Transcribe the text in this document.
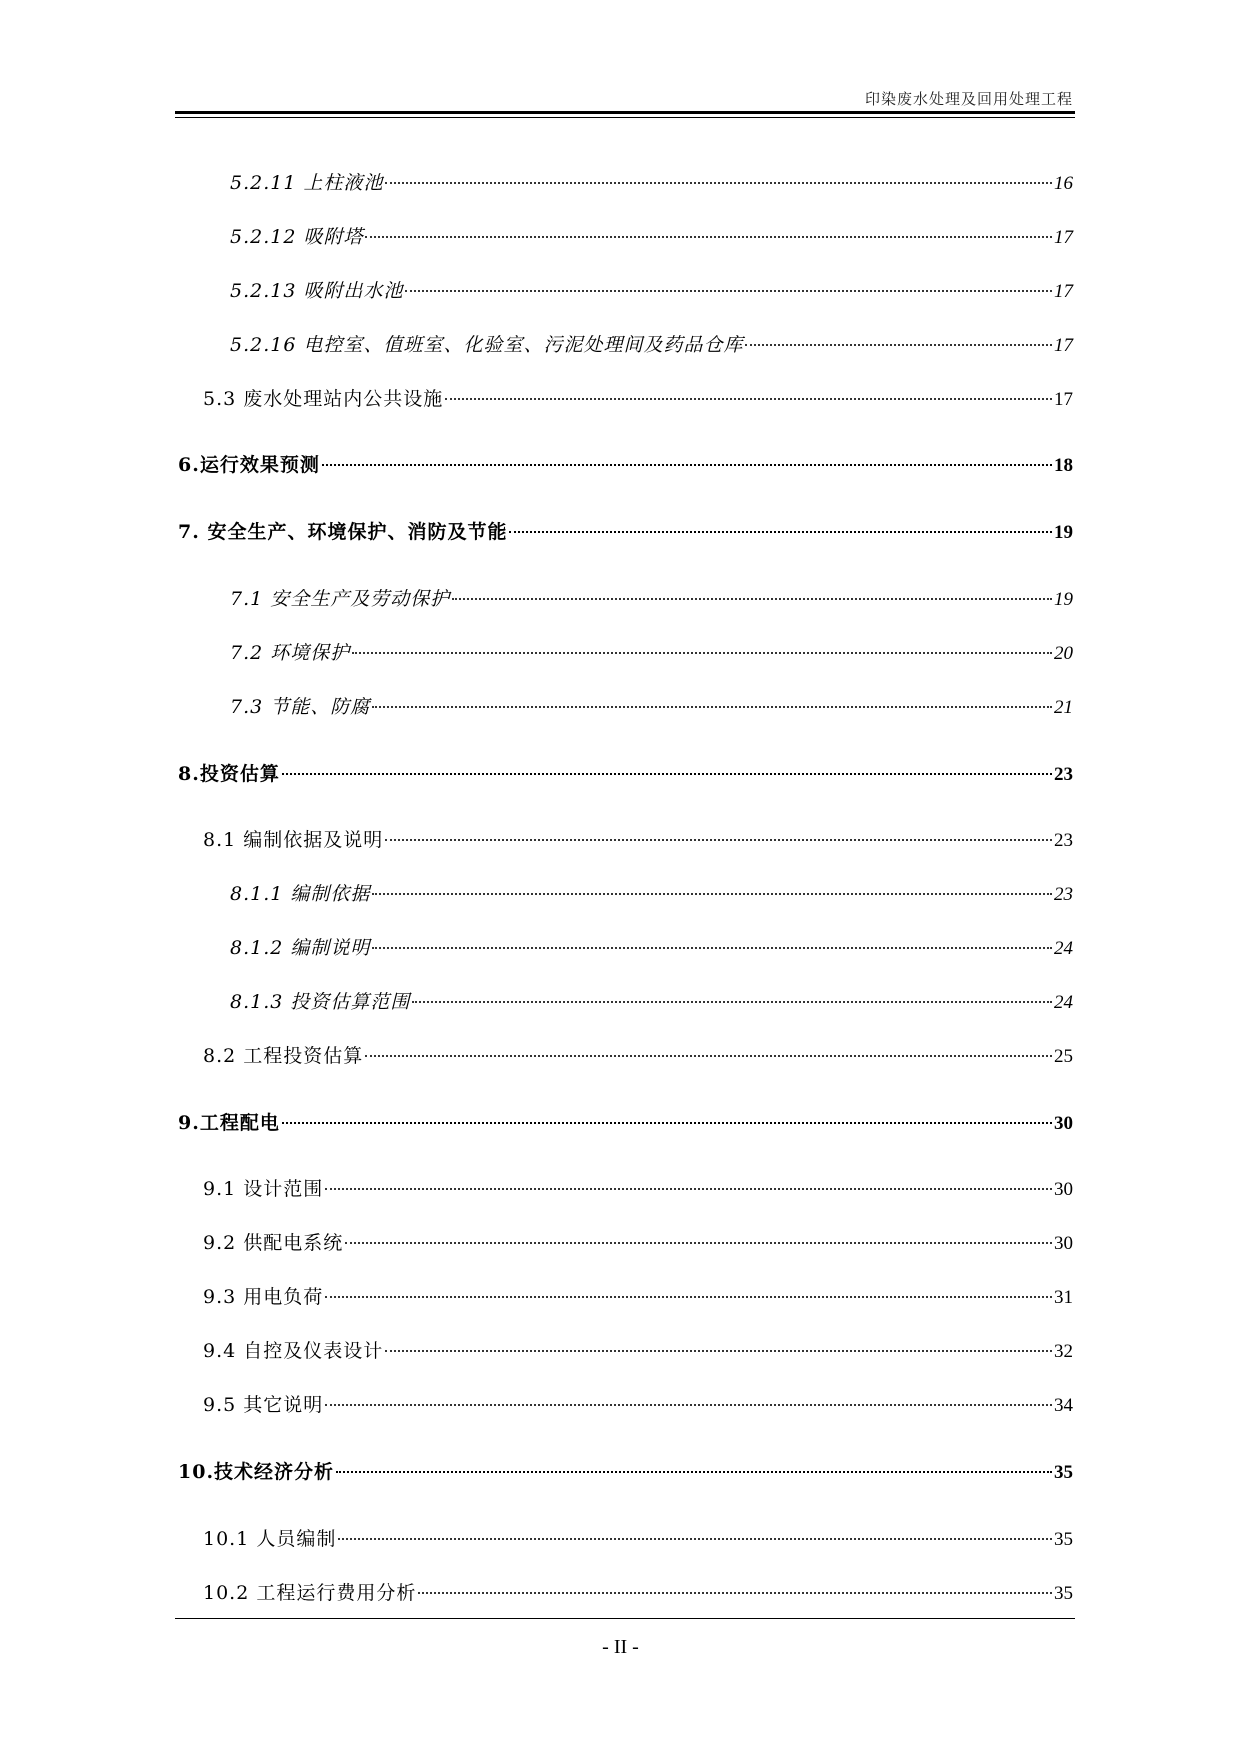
印染废水处理及回用处理工程
5.2.11 上柱液池	16
5.2.12 吸附塔	17
5.2.13 吸附出水池	17
5.2.16 电控室、值班室、化验室、污泥处理间及药品仓库	17
5.3 废水处理站内公共设施	17
6.运行效果预测	18
7. 安全生产、环境保护、消防及节能	19
7.1 安全生产及劳动保护	19
7.2 环境保护	20
7.3 节能、防腐	21
8.投资估算	23
8.1 编制依据及说明	23
8.1.1 编制依据	23
8.1.2 编制说明	24
8.1.3 投资估算范围	24
8.2 工程投资估算	25
9.工程配电	30
9.1 设计范围	30
9.2 供配电系统	30
9.3 用电负荷	31
9.4 自控及仪表设计	32
9.5 其它说明	34
10.技术经济分析	35
10.1 人员编制	35
10.2 工程运行费用分析	35
- II -
